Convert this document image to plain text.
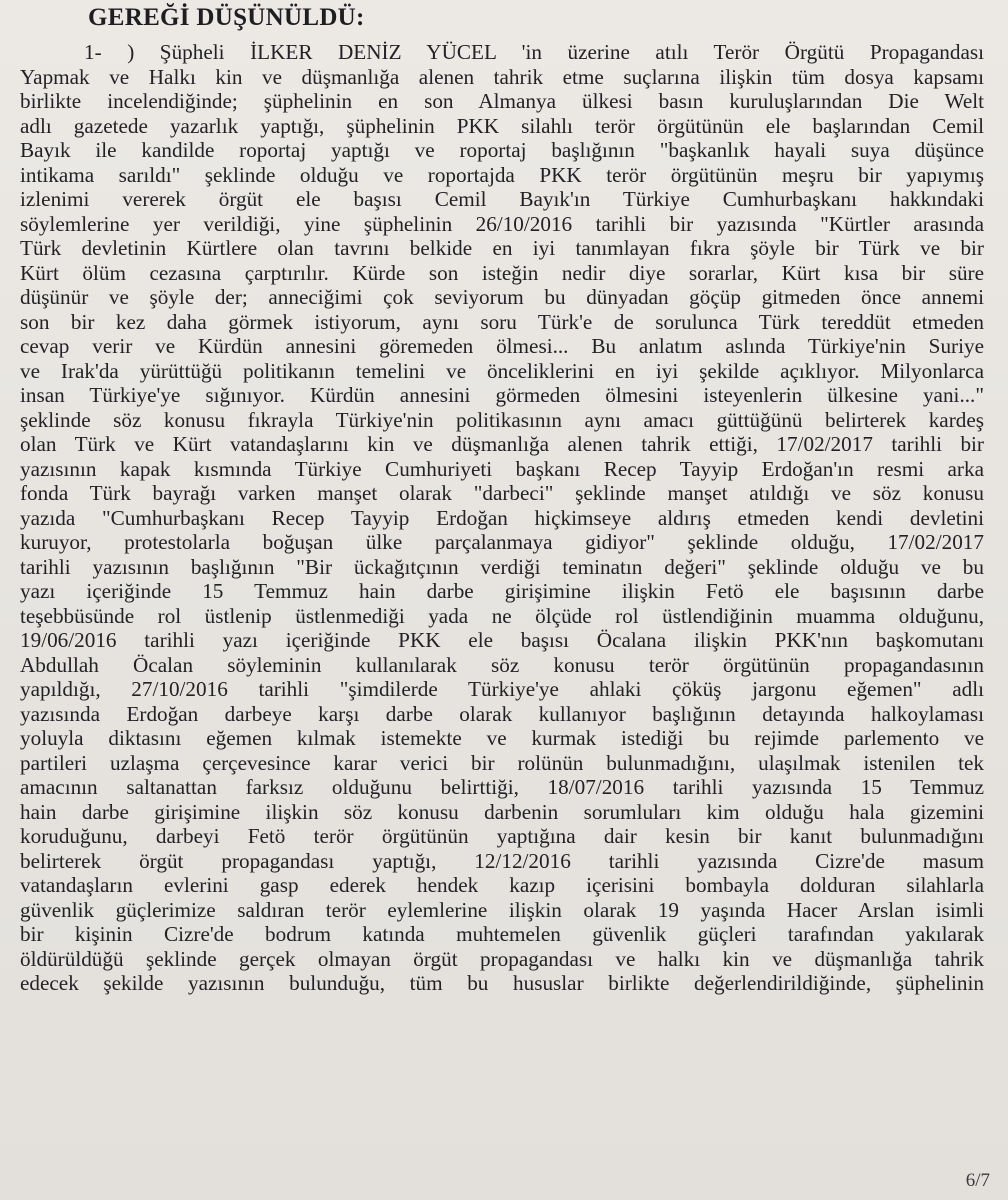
GEREĞİ DÜŞÜNÜLDÜ:
1- ) Şüpheli İLKER DENİZ YÜCEL 'in üzerine atılı Terör Örgütü Propagandası
Yapmak ve Halkı kin ve düşmanlığa alenen tahrik etme suçlarına ilişkin tüm dosya kapsamı
birlikte incelendiğinde; şüphelinin en son Almanya ülkesi basın kuruluşlarından Die Welt
adlı gazetede yazarlık yaptığı, şüphelinin PKK silahlı terör örgütünün ele başlarından Cemil
Bayık ile kandilde roportaj yaptığı ve roportaj başlığının "başkanlık hayali suya düşünce
intikama sarıldı" şeklinde olduğu ve roportajda PKK terör örgütünün meşru bir yapıymış
izlenimi vererek örgüt ele başısı Cemil Bayık'ın Türkiye Cumhurbaşkanı hakkındaki
söylemlerine yer verildiği, yine şüphelinin 26/10/2016 tarihli bir yazısında "Kürtler arasında
Türk devletinin Kürtlere olan tavrını belkide en iyi tanımlayan fıkra şöyle bir Türk ve bir
Kürt ölüm cezasına çarptırılır. Kürde son isteğin nedir diye sorarlar, Kürt kısa bir süre
düşünür ve şöyle der; anneciğimi çok seviyorum bu dünyadan göçüp gitmeden önce annemi
son bir kez daha görmek istiyorum, aynı soru Türk'e de sorulunca Türk tereddüt etmeden
cevap verir ve Kürdün annesini göremeden ölmesi... Bu anlatım aslında Türkiye'nin Suriye
ve Irak'da yürüttüğü politikanın temelini ve önceliklerini en iyi şekilde açıklıyor. Milyonlarca
insan Türkiye'ye sığınıyor. Kürdün annesini görmeden ölmesini isteyenlerin ülkesine yani..."
şeklinde söz konusu fıkrayla Türkiye'nin politikasının aynı amacı güttüğünü belirterek kardeş
olan Türk ve Kürt vatandaşlarını kin ve düşmanlığa alenen tahrik ettiği, 17/02/2017 tarihli bir
yazısının kapak kısmında Türkiye Cumhuriyeti başkanı Recep Tayyip Erdoğan'ın resmi arka
fonda Türk bayrağı varken manşet olarak "darbeci" şeklinde manşet atıldığı ve söz konusu
yazıda "Cumhurbaşkanı Recep Tayyip Erdoğan hiçkimseye aldırış etmeden kendi devletini
kuruyor, protestolarla boğuşan ülke parçalanmaya gidiyor" şeklinde olduğu, 17/02/2017
tarihli yazısının başlığının "Bir ückağıtçının verdiği teminatın değeri" şeklinde olduğu ve bu
yazı içeriğinde 15 Temmuz hain darbe girişimine ilişkin Fetö ele başısının darbe
teşebbüsünde rol üstlenip üstlenmediği yada ne ölçüde rol üstlendiğinin muamma olduğunu,
19/06/2016 tarihli yazı içeriğinde PKK ele başısı Öcalana ilişkin PKK'nın başkomutanı
Abdullah Öcalan söyleminin kullanılarak söz konusu terör örgütünün propagandasının
yapıldığı, 27/10/2016 tarihli "şimdilerde Türkiye'ye ahlaki çöküş jargonu eğemen" adlı
yazısında Erdoğan darbeye karşı darbe olarak kullanıyor başlığının detayında halkoylaması
yoluyla diktasını eğemen kılmak istemekte ve kurmak istediği bu rejimde parlemento ve
partileri uzlaşma çerçevesince karar verici bir rolünün bulunmadığını, ulaşılmak istenilen tek
amacının saltanattan farksız olduğunu belirttiği, 18/07/2016 tarihli yazısında 15 Temmuz
hain darbe girişimine ilişkin söz konusu darbenin sorumluları kim olduğu hala gizemini
koruduğunu, darbeyi Fetö terör örgütünün yaptığına dair kesin bir kanıt bulunmadığını
belirterek örgüt propagandası yaptığı, 12/12/2016 tarihli yazısında Cizre'de masum
vatandaşların evlerini gasp ederek hendek kazıp içerisini bombayla dolduran silahlarla
güvenlik güçlerimize saldıran terör eylemlerine ilişkin olarak 19 yaşında Hacer Arslan isimli
bir kişinin Cizre'de bodrum katında muhtemelen güvenlik güçleri tarafından yakılarak
öldürüldüğü şeklinde gerçek olmayan örgüt propagandası ve halkı kin ve düşmanlığa tahrik
edecek şekilde yazısının bulunduğu, tüm bu hususlar birlikte değerlendirildiğinde, şüphelinin
6/7
